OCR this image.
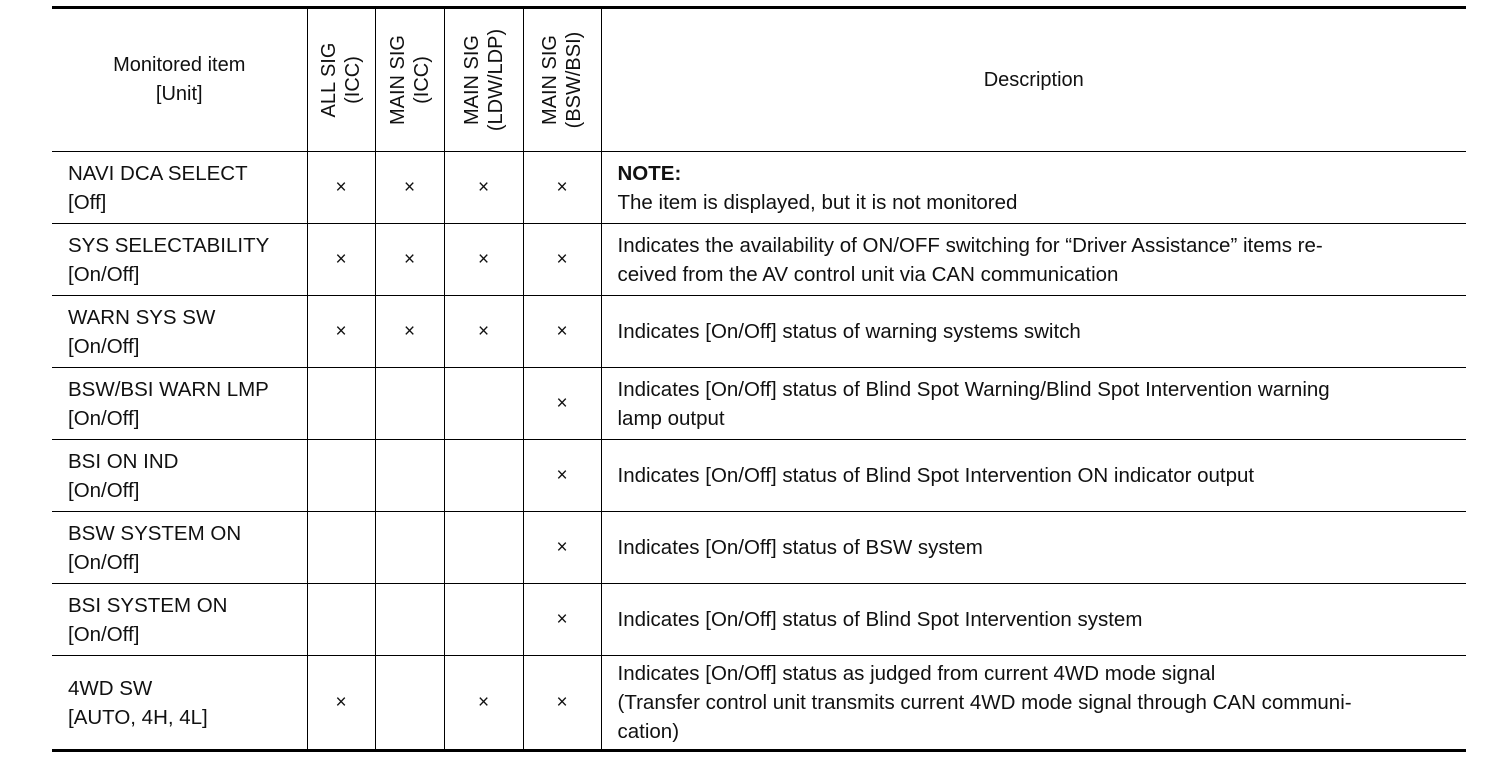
Monitored item
[Unit]	ALL SIG (ICC)	MAIN SIG (ICC)	MAIN SIG (LDW/LDP)	MAIN SIG (BSW/BSI)	Description

NAVI DCA SELECT
[Off]	×	×	×	×	NOTE:
The item is displayed, but it is not monitored

SYS SELECTABILITY
[On/Off]	×	×	×	×	Indicates the availability of ON/OFF switching for “Driver Assistance” items re-
ceived from the AV control unit via CAN communication

WARN SYS SW
[On/Off]	×	×	×	×	Indicates [On/Off] status of warning systems switch

BSW/BSI WARN LMP
[On/Off]				×	Indicates [On/Off] status of Blind Spot Warning/Blind Spot Intervention warning
lamp output

BSI ON IND
[On/Off]				×	Indicates [On/Off] status of Blind Spot Intervention ON indicator output

BSW SYSTEM ON
[On/Off]				×	Indicates [On/Off] status of BSW system

BSI SYSTEM ON
[On/Off]				×	Indicates [On/Off] status of Blind Spot Intervention system

4WD SW
[AUTO, 4H, 4L]	×		×	×	Indicates [On/Off] status as judged from current 4WD mode signal
(Transfer control unit transmits current 4WD mode signal through CAN communi-
cation)
